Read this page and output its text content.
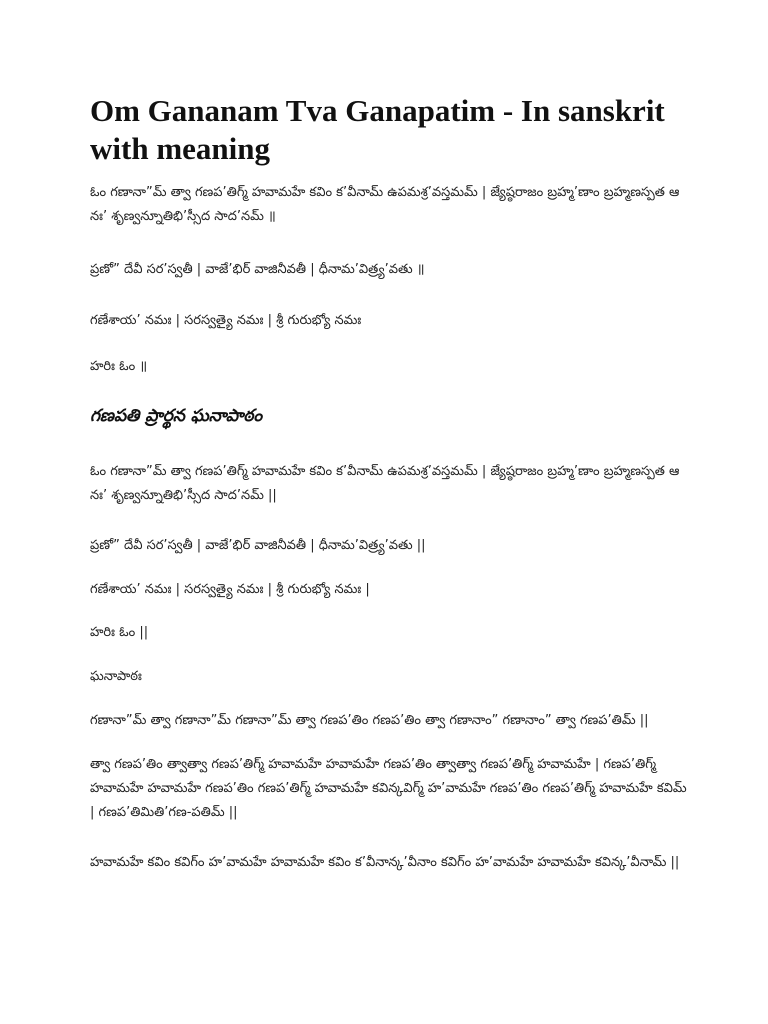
Om Gananam Tva Ganapatim - In sanskrit with meaning

ఓం గణానా”మ్ త్వా గణప’తిగ్మ్ హవామహే కవిం క’వీనామ్ ఉపమశ్ర’వస్తమమ్ | జ్యేష్ఠరాజం బ్రహ్మ’ణాం బ్రహ్మణస్పత ఆ నః’ శృణ్వన్నూతిభి’స్సీద సాద’నమ్ ॥

ప్రణో” దేవీ సర’స్వతీ | వాజే’భిర్ వాజినీవతీ | ధీనామ’విత్ర్య’వతు ॥

గణేశాయ’ నమః | సరస్వత్యై నమః | శ్రీ గురుభ్యో నమః

హరిః ఓం ॥

గణపతి ప్రార్థన ఘనాపాఠం

ఓం గణానా”మ్ త్వా గణప’తిగ్మ్ హవామహే కవిం క’వీనామ్ ఉపమశ్ర’వస్తమమ్ | జ్యేష్ఠరాజం బ్రహ్మ’ణాం బ్రహ్మణస్పత ఆ నః’ శృణ్వన్నూతిభి’స్సీద సాద’నమ్ ||

ప్రణో” దేవీ సర’స్వతీ | వాజే’భిర్ వాజినీవతీ | ధీనామ’విత్ర్య’వతు ||

గణేశాయ’ నమః | సరస్వత్యై నమః | శ్రీ గురుభ్యో నమః |

హరిః ఓం ||

ఘనాపాఠః

గణానా”మ్ త్వా గణానా”మ్ గణానా”మ్ త్వా గణప’తిం గణప’తిం త్వా గణానాం” గణానాం” త్వా గణప’తిమ్ ||

త్వా గణప’తిం త్వాత్వా గణప’తిగ్మ్ హవామహే హవామహే గణప’తిం త్వాత్వా గణప’తిగ్మ్ హవామహే | గణప’తిగ్మ్ హవామహే హవామహే గణప’తిం గణప’తిగ్మ్ హవామహే కవిన్కవిగ్మ్ హ’వామహే గణప’తిం గణప’తిగ్మ్ హవామహే కవిమ్ | గణప’తిమితి’గణ-పతిమ్ ||

హవామహే కవిం కవిగ్ం హ’వామహే హవామహే కవిం క’వీనాన్క’వీనాం కవిగ్ం హ’వామహే హవామహే కవిన్క’వీనామ్ ||
